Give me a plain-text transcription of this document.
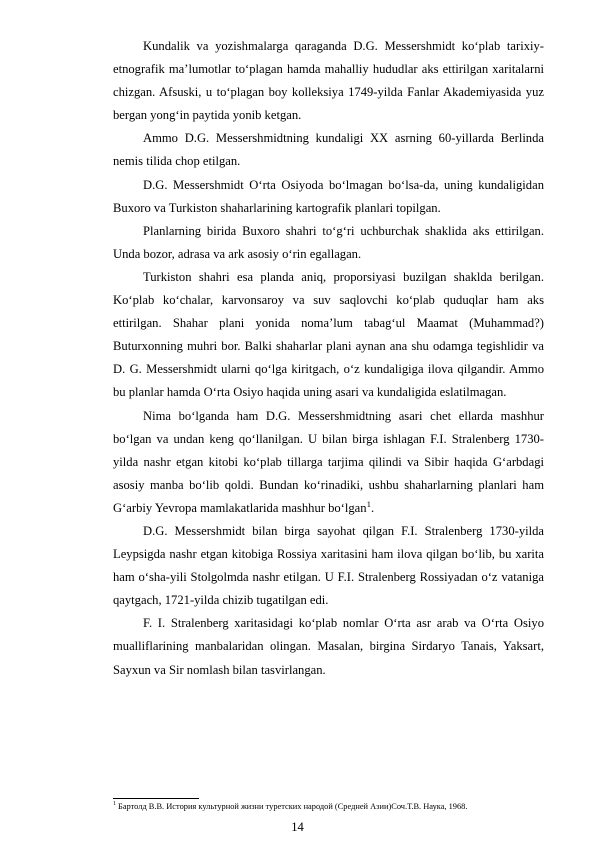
Kundalik va yozishmalarga qaraganda D.G. Messershmidt ko‘plab tarixiy-etnografik ma’lumotlar to‘plagan hamda mahalliy hududlar aks ettirilgan xaritalarni chizgan. Afsuski, u to‘plagan boy kolleksiya 1749-yilda Fanlar Akademiyasida yuz bergan yong‘in paytida yonib ketgan.

Ammo D.G. Messershmidtning kundaligi XX asrning 60-yillarda Berlinda nemis tilida chop etilgan.

D.G. Messershmidt O‘rta Osiyoda bo‘lmagan bo‘lsa-da, uning kundaligidan Buxoro va Turkiston shaharlarining kartografik planlari topilgan.

Planlarning birida Buxoro shahri to‘g‘ri uchburchak shaklida aks ettirilgan. Unda bozor, adrasa va ark asosiy o‘rin egallagan.

Turkiston shahri esa planda aniq, proporsiyasi buzilgan shaklda berilgan. Ko‘plab ko‘chalar, karvonsaroy va suv saqlovchi ko‘plab quduqlar ham aks ettirilgan. Shahar plani yonida noma’lum tabag‘ul Maamat (Muhammad?) Buturxonning muhri bor. Balki shaharlar plani aynan ana shu odamga tegishlidir va D. G. Messershmidt ularni qo‘lga kiritgach, o‘z kundaligiga ilova qilgandir. Ammo bu planlar hamda O‘rta Osiyo haqida uning asari va kundaligida eslatilmagan.

Nima bo‘lganda ham D.G. Messershmidtning asari chet ellarda mashhur bo‘lgan va undan keng qo‘llanilgan. U bilan birga ishlagan F.I. Stralenberg 1730-yilda nashr etgan kitobi ko‘plab tillarga tarjima qilindi va Sibir haqida G‘arbdagi asosiy manba bo‘lib qoldi. Bundan ko‘rinadiki, ushbu shaharlarning planlari ham G‘arbiy Yevropa mamlakatlarida mashhur bo‘lgan$^1$.

D.G. Messershmidt bilan birga sayohat qilgan F.I. Stralenberg 1730-yilda Leypsigda nashr etgan kitobiga Rossiya xaritasini ham ilova qilgan bo‘lib, bu xarita ham o‘sha-yili Stolgolmda nashr etilgan. U F.I. Stralenberg Rossiyadan o‘z vataniga qaytgach, 1721-yilda chizib tugatilgan edi.

F. I. Stralenberg xaritasidagi ko‘plab nomlar O‘rta asr arab va O‘rta Osiyo mualliflarining manbalaridan olingan. Masalan, birgina Sirdaryo Tanais, Yaksart, Sayxun va Sir nomlash bilan tasvirlangan.

$^1$ Бартолд В.В. История культурной жизни туретских народой (Средней Азии)Соч.Т.В. Наука, 1968.
14
